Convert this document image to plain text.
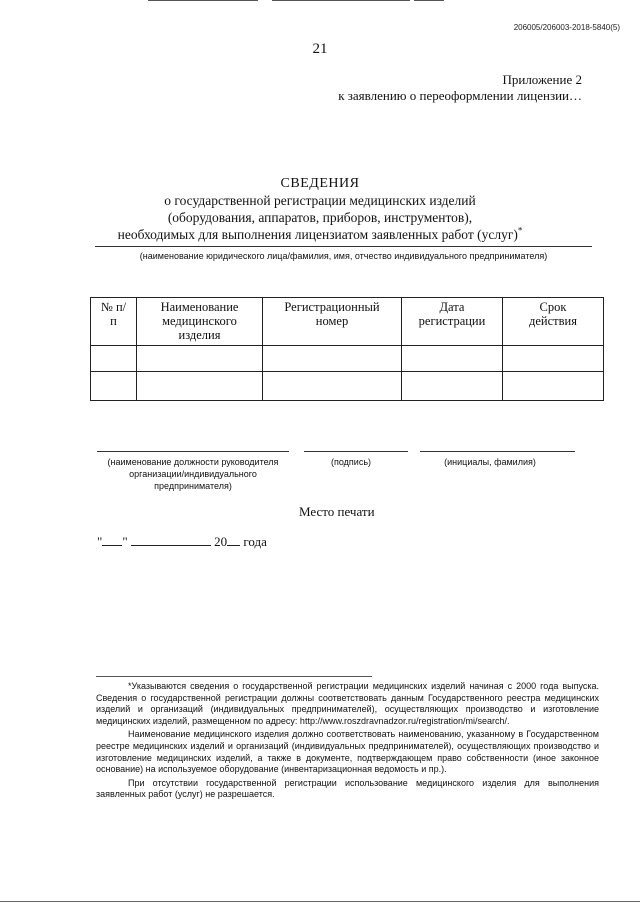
206005/206003-2018-5840(5)
21
Приложение 2
к заявлению о переоформлении лицензии…
СВЕДЕНИЯ
о государственной регистрации медицинских изделий
(оборудования, аппаратов, приборов, инструментов),
необходимых для выполнения лицензиатом заявленных работ (услуг)*
(наименование юридического лица/фамилия, имя, отчество индивидуального предпринимателя)
№ п/п	Наименование медицинского изделия	Регистрационный номер	Дата регистрации	Срок действия

(наименование должности руководителя организации/индивидуального предпринимателя)
(подпись)	(инициалы, фамилия)
Место печати
" "	20 года

*Указываются сведения о государственной регистрации медицинских изделий начиная с 2000 года выпуска. Сведения о государственной регистрации должны соответствовать данным Государственного реестра медицинских изделий и организаций (индивидуальных предпринимателей), осуществляющих производство и изготовление медицинских изделий, размещенном по адресу: http://www.roszdravnadzor.ru/registration/mi/search/.

Наименование медицинского изделия должно соответствовать наименованию, указанному в Государственном реестре медицинских изделий и организаций (индивидуальных предпринимателей), осуществляющих производство и изготовление медицинских изделий, а также в документе, подтверждающем право собственности (иное законное основание) на используемое оборудование (инвентаризационная ведомость и пр.).

При отсутствии государственной регистрации использование медицинского изделия для выполнения заявленных работ (услуг) не разрешается.
